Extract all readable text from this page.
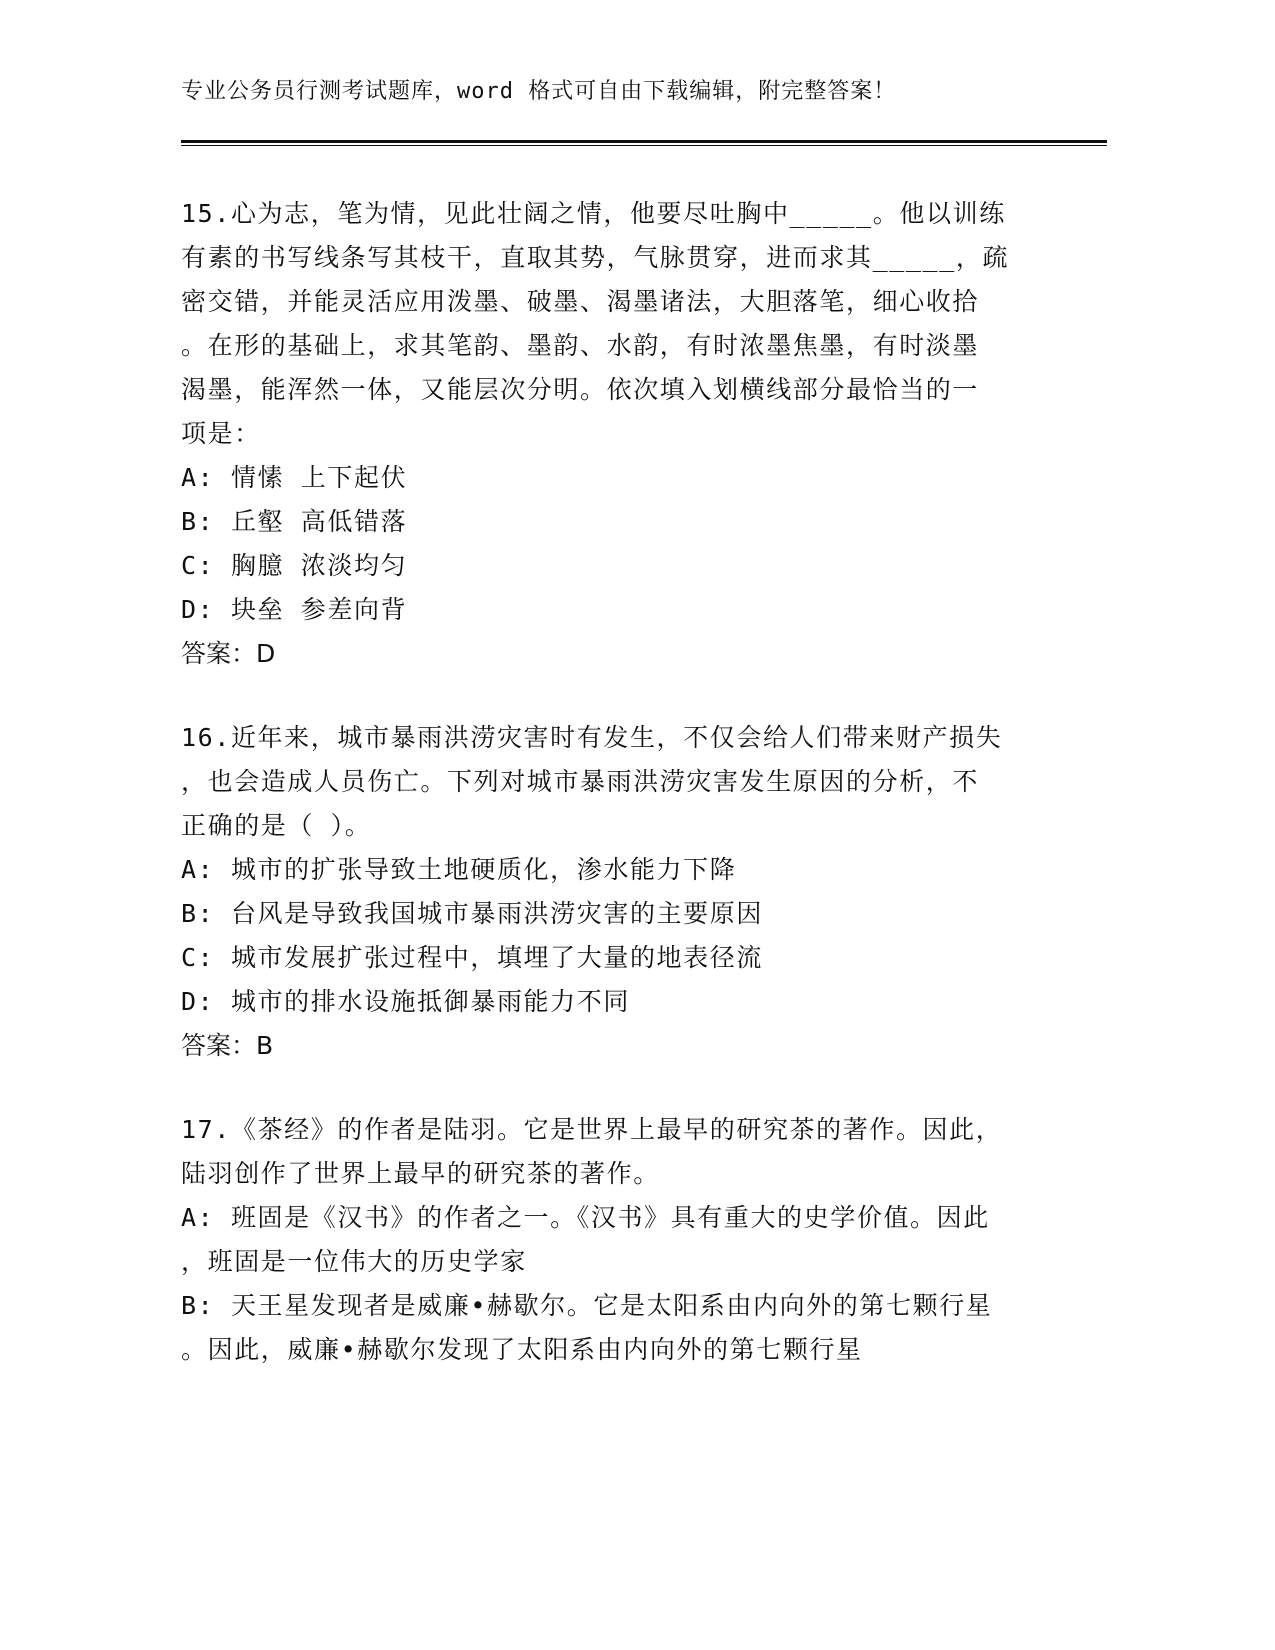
专业公务员行测考试题库，word 格式可自由下载编辑，附完整答案！
15.心为志，笔为情，见此壮阔之情，他要尽吐胸中_____。他以训练
有素的书写线条写其枝干，直取其势，气脉贯穿，进而求其_____，疏
密交错，并能灵活应用泼墨、破墨、渴墨诸法，大胆落笔，细心收拾
。在形的基础上，求其笔韵、墨韵、水韵，有时浓墨焦墨，有时淡墨
渴墨，能浑然一体，又能层次分明。依次填入划横线部分最恰当的一
项是：
A: 情愫 上下起伏
B: 丘壑 高低错落
C: 胸臆 浓淡均匀
D: 块垒 参差向背
答案：D
16.近年来，城市暴雨洪涝灾害时有发生，不仅会给人们带来财产损失
，也会造成人员伤亡。下列对城市暴雨洪涝灾害发生原因的分析，不
正确的是（ ）。
A: 城市的扩张导致土地硬质化，渗水能力下降
B: 台风是导致我国城市暴雨洪涝灾害的主要原因
C: 城市发展扩张过程中，填埋了大量的地表径流
D: 城市的排水设施抵御暴雨能力不同
答案：B
17.《茶经》的作者是陆羽。它是世界上最早的研究茶的著作。因此，
陆羽创作了世界上最早的研究茶的著作。
A: 班固是《汉书》的作者之一。《汉书》具有重大的史学价值。因此
，班固是一位伟大的历史学家
B: 天王星发现者是威廉•赫歇尔。它是太阳系由内向外的第七颗行星
。因此，威廉•赫歇尔发现了太阳系由内向外的第七颗行星
